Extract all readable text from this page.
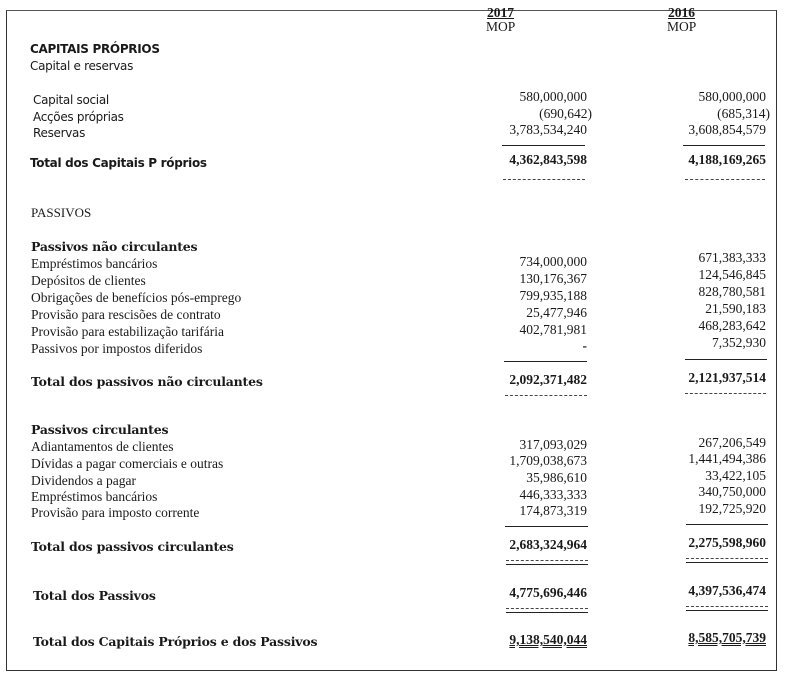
2017
MOP
2016
MOP
CAPITAIS PRÓPRIOS
Capital e reservas
Capital social	580,000,000	580,000,000
Acções próprias	(690,642)	(685,314)
Reservas	3,783,534,240	3,608,854,579
Total dos Capitais P róprios	4,362,843,598	4,188,169,265
PASSIVOS
Passivos não circulantes
Empréstimos bancários	734,000,000	671,383,333
Depósitos de clientes	130,176,367	124,546,845
Obrigações de benefícios pós-emprego	799,935,188	828,780,581
Provisão para rescisões de contrato	25,477,946	21,590,183
Provisão para estabilização tarifária	402,781,981	468,283,642
Passivos por impostos diferidos	-	7,352,930
Total dos passivos não circulantes	2,092,371,482	2,121,937,514
Passivos circulantes
Adiantamentos de clientes	317,093,029	267,206,549
Dívidas a pagar comerciais e outras	1,709,038,673	1,441,494,386
Dividendos a pagar	35,986,610	33,422,105
Empréstimos bancários	446,333,333	340,750,000
Provisão para imposto corrente	174,873,319	192,725,920
Total dos passivos circulantes	2,683,324,964	2,275,598,960
Total dos Passivos	4,775,696,446	4,397,536,474
Total dos Capitais Próprios e dos Passivos	9,138,540,044	8,585,705,739
